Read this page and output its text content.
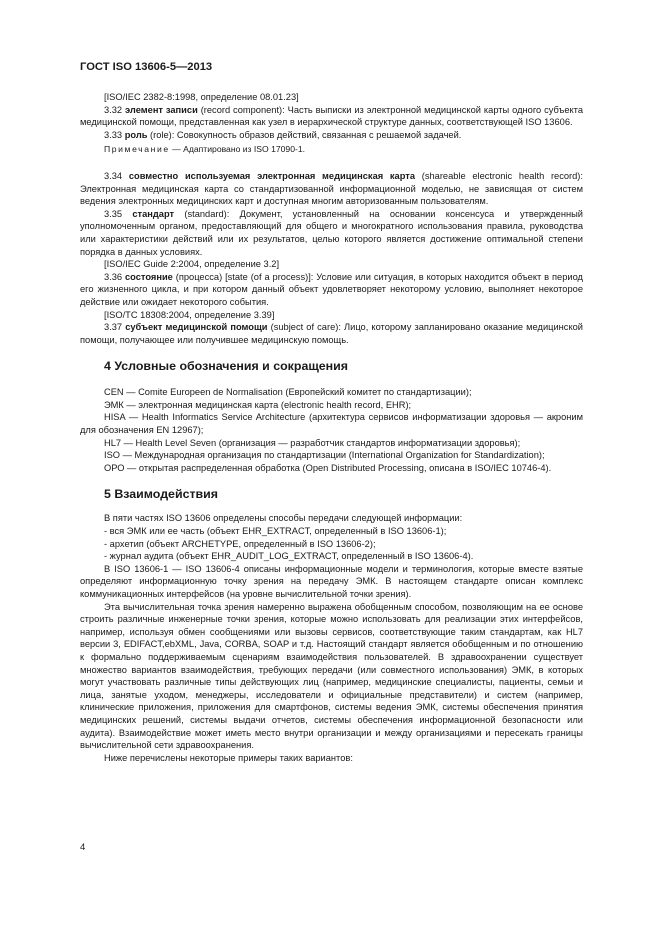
ГОСТ ISO 13606-5—2013

[ISO/IEC 2382-8:1998, определение 08.01.23]

3.32 элемент записи (record component): Часть выписки из электронной медицинской карты одного субъекта медицинской помощи, представленная как узел в иерархической структуре данных, соответствующей ISO 13606.

3.33 роль (role): Совокупность образов действий, связанная с решаемой задачей.

Примечание — Адаптировано из ISO 17090-1.

3.34 совместно используемая электронная медицинская карта (shareable electronic health record): Электронная медицинская карта со стандартизованной информационной моделью, не зависящая от систем ведения электронных медицинских карт и доступная многим авторизованным пользователям.

3.35 стандарт (standard): Документ, установленный на основании консенсуса и утвержденный уполномоченным органом, предоставляющий для общего и многократного использования правила, руководства или характеристики действий или их результатов, целью которого является достижение оптимальной степени порядка в данных условиях.

[ISO/IEC Guide 2:2004, определение 3.2]

3.36 состояние (процесса) [state (of a process)]: Условие или ситуация, в которых находится объект в период его жизненного цикла, и при котором данный объект удовлетворяет некоторому условию, выполняет некоторое действие или ожидает некоторого события.

[ISO/TC 18308:2004, определение 3.39]

3.37 субъект медицинской помощи (subject of care): Лицо, которому запланировано оказание медицинской помощи, получающее или получившее медицинскую помощь.

4 Условные обозначения и сокращения

CEN — Comite Europeen de Normalisation (Европейский комитет по стандартизации);

ЭМК — электронная медицинская карта (electronic health record, EHR);

HISA — Health Informatics Service Architecture (архитектура сервисов информатизации здоровья — акроним для обозначения EN 12967);

HL7 — Health Level Seven (организация — разработчик стандартов информатизации здоровья);

ISO — Международная организация по стандартизации (International Organization for Standardization);

ОРО — открытая распределенная обработка (Open Distributed Processing, описана в ISO/IEC 10746-4).

5 Взаимодействия

В пяти частях ISO 13606 определены способы передачи следующей информации:

- вся ЭМК или ее часть (объект EHR_EXTRACT, определенный в ISO 13606-1);

- архетип (объект ARCHETYPE, определенный в ISO 13606-2);

- журнал аудита (объект EHR_AUDIT_LOG_EXTRACT, определенный в ISO 13606-4).

В ISO 13606-1 — ISO 13606-4 описаны информационные модели и терминология, которые вместе взятые определяют информационную точку зрения на передачу ЭМК. В настоящем стандарте описан комплекс коммуникационных интерфейсов (на уровне вычислительной точки зрения).

Эта вычислительная точка зрения намеренно выражена обобщенным способом, позволяющим на ее основе строить различные инженерные точки зрения, которые можно использовать для реализации этих интерфейсов, например, используя обмен сообщениями или вызовы сервисов, соответствующие таким стандартам, как HL7 версии 3, EDIFACT,ebXML, Java, CORBA, SOAP и т.д. Настоящий стандарт является обобщенным и по отношению к формально поддерживаемым сценариям взаимодействия пользователей. В здравоохранении существует множество вариантов взаимодействия, требующих передачи (или совместного использования) ЭМК, в которых могут участвовать различные типы действующих лиц (например, медицинские специалисты, пациенты, семьи и лица, занятые уходом, менеджеры, исследователи и официальные представители) и систем (например, клинические приложения, приложения для смартфонов, системы ведения ЭМК, системы обеспечения принятия медицинских решений, системы выдачи отчетов, системы обеспечения информационной безопасности или аудита). Взаимодействие может иметь место внутри организации и между организациями и пересекать границы вычислительной сети здравоохранения.

Ниже перечислены некоторые примеры таких вариантов:

4
